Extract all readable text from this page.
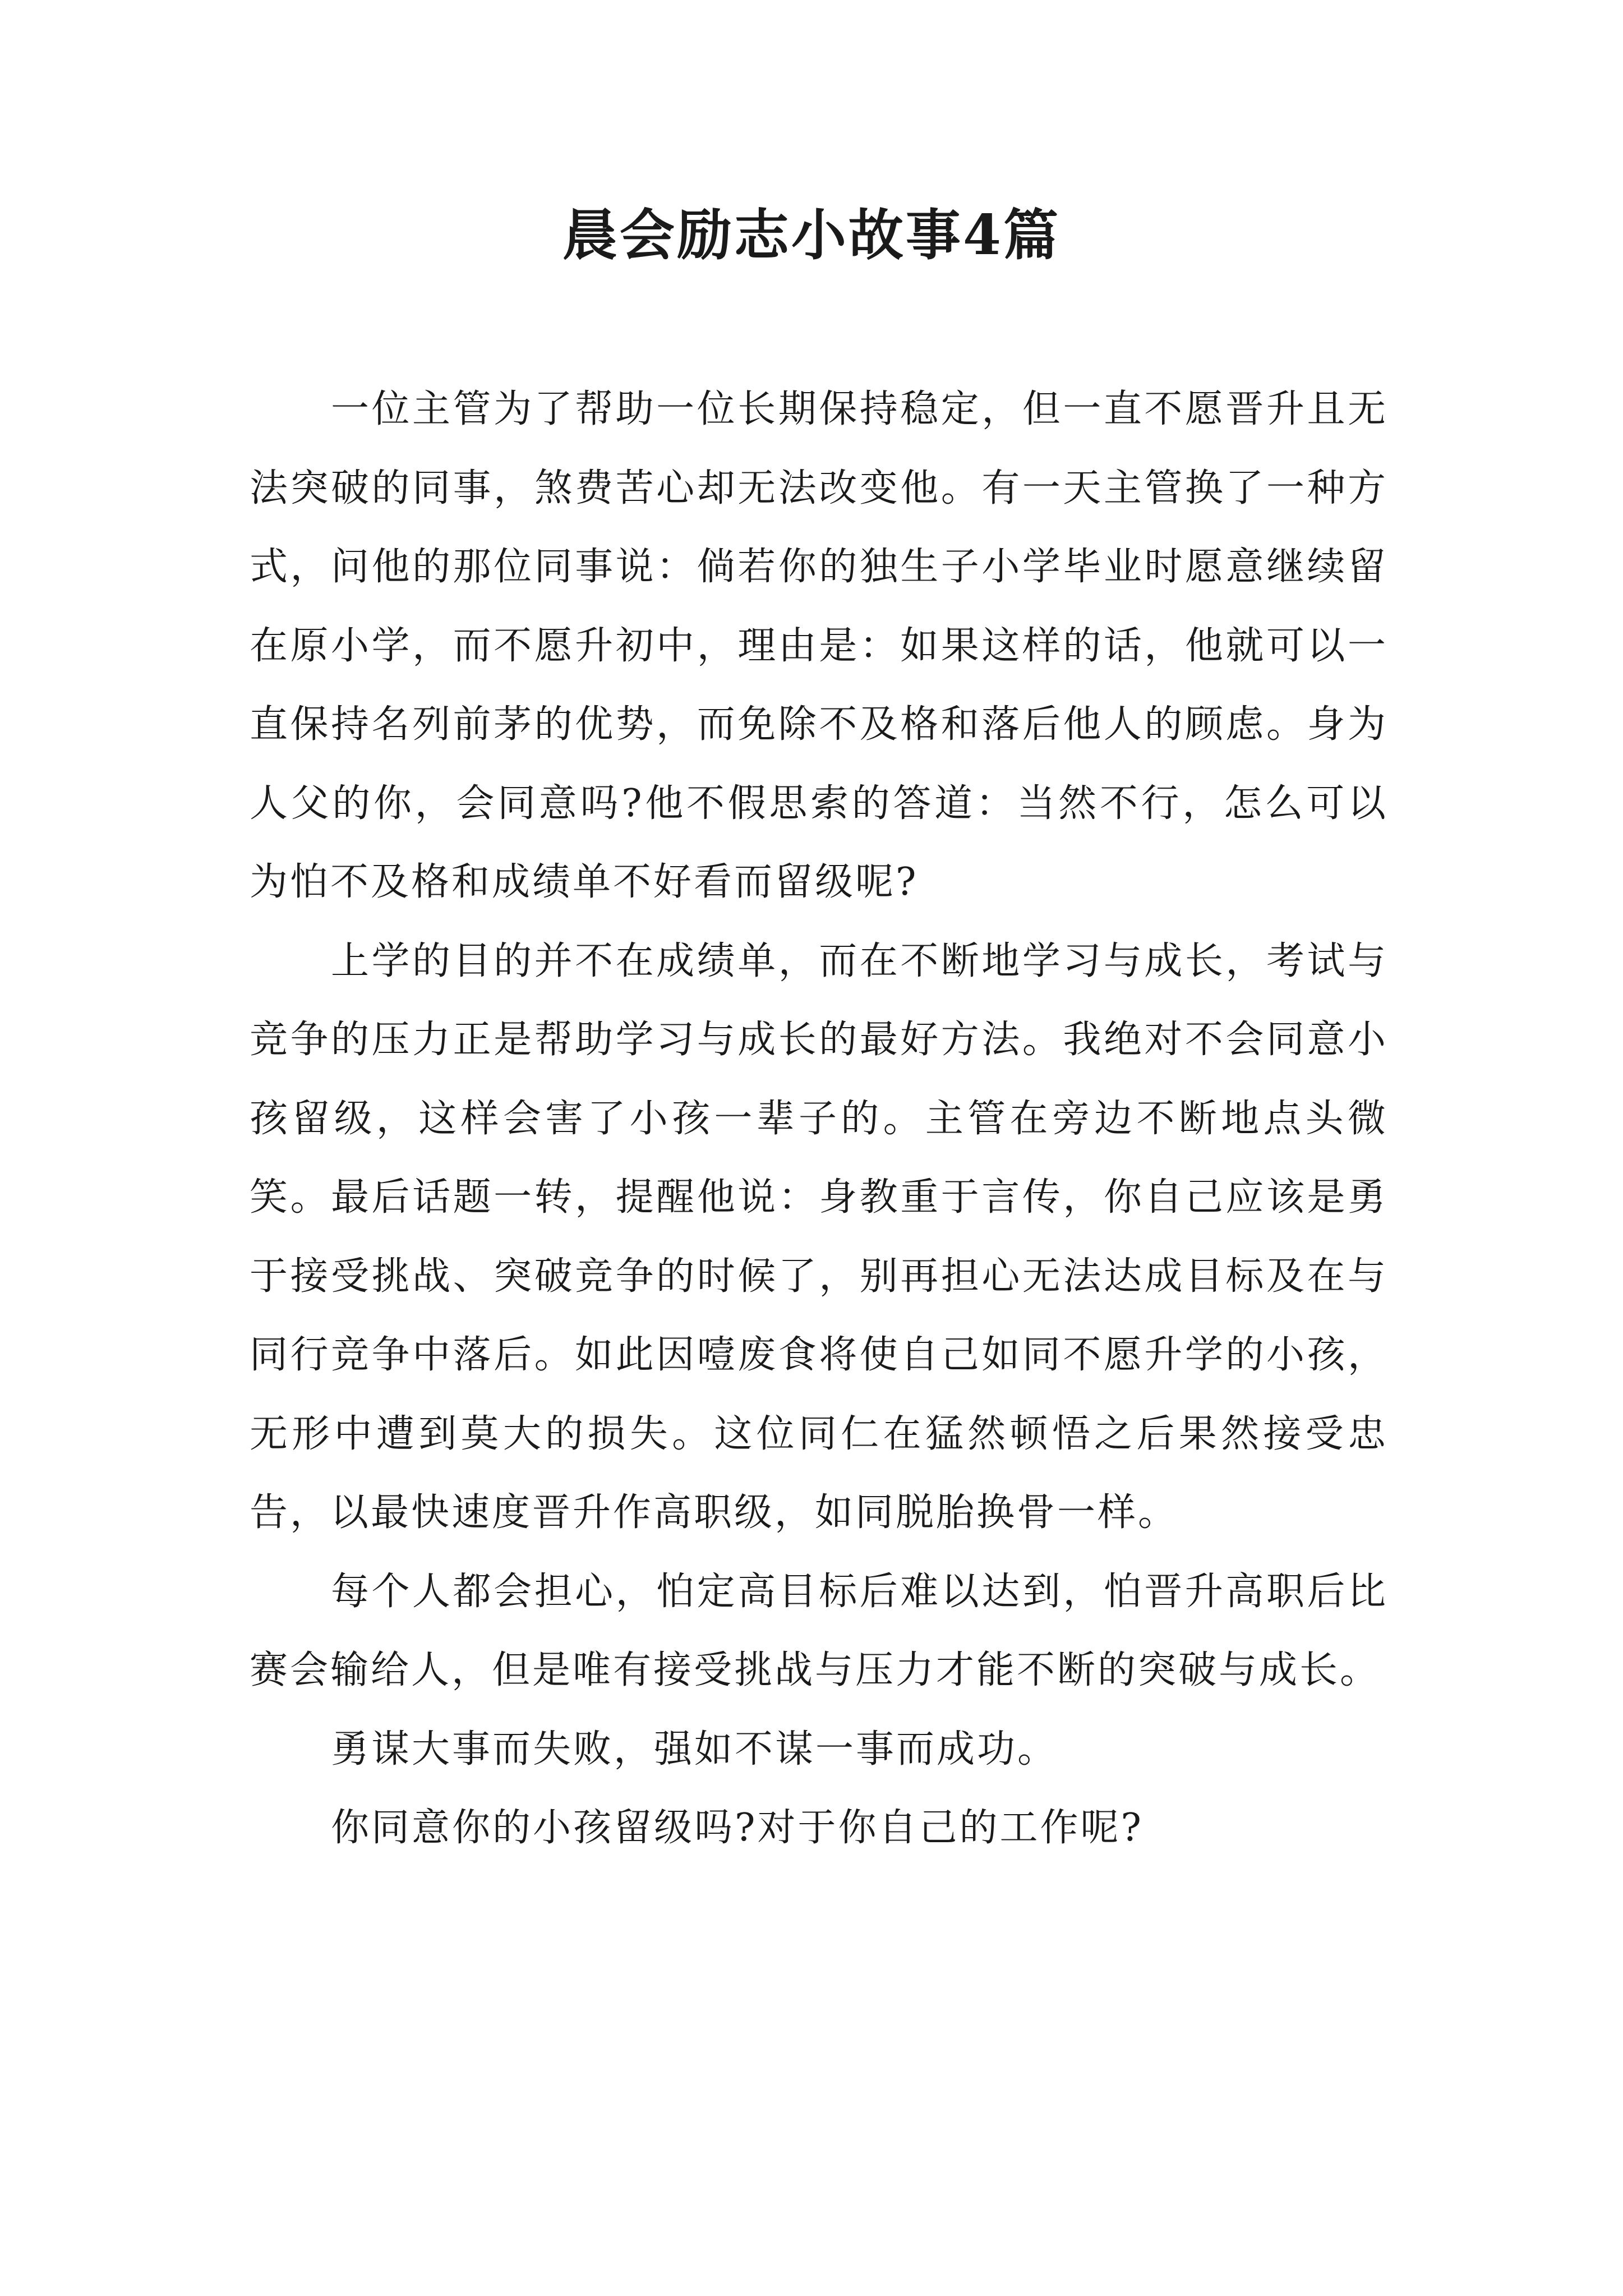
晨会励志小故事4篇

一位主管为了帮助一位长期保持稳定，但一直不愿晋升且无法突破的同事，煞费苦心却无法改变他。有一天主管换了一种方式，问他的那位同事说：倘若你的独生子小学毕业时愿意继续留在原小学，而不愿升初中，理由是：如果这样的话，他就可以一直保持名列前茅的优势，而免除不及格和落后他人的顾虑。身为人父的你，会同意吗?他不假思索的答道：当然不行，怎么可以为怕不及格和成绩单不好看而留级呢?

上学的目的并不在成绩单，而在不断地学习与成长，考试与竞争的压力正是帮助学习与成长的最好方法。我绝对不会同意小孩留级，这样会害了小孩一辈子的。主管在旁边不断地点头微笑。最后话题一转，提醒他说：身教重于言传，你自己应该是勇于接受挑战、突破竞争的时候了，别再担心无法达成目标及在与同行竞争中落后。如此因噎废食将使自己如同不愿升学的小孩，无形中遭到莫大的损失。这位同仁在猛然顿悟之后果然接受忠告，以最快速度晋升作高职级，如同脱胎换骨一样。

每个人都会担心，怕定高目标后难以达到，怕晋升高职后比赛会输给人，但是唯有接受挑战与压力才能不断的突破与成长。

勇谋大事而失败，强如不谋一事而成功。

你同意你的小孩留级吗?对于你自己的工作呢?
